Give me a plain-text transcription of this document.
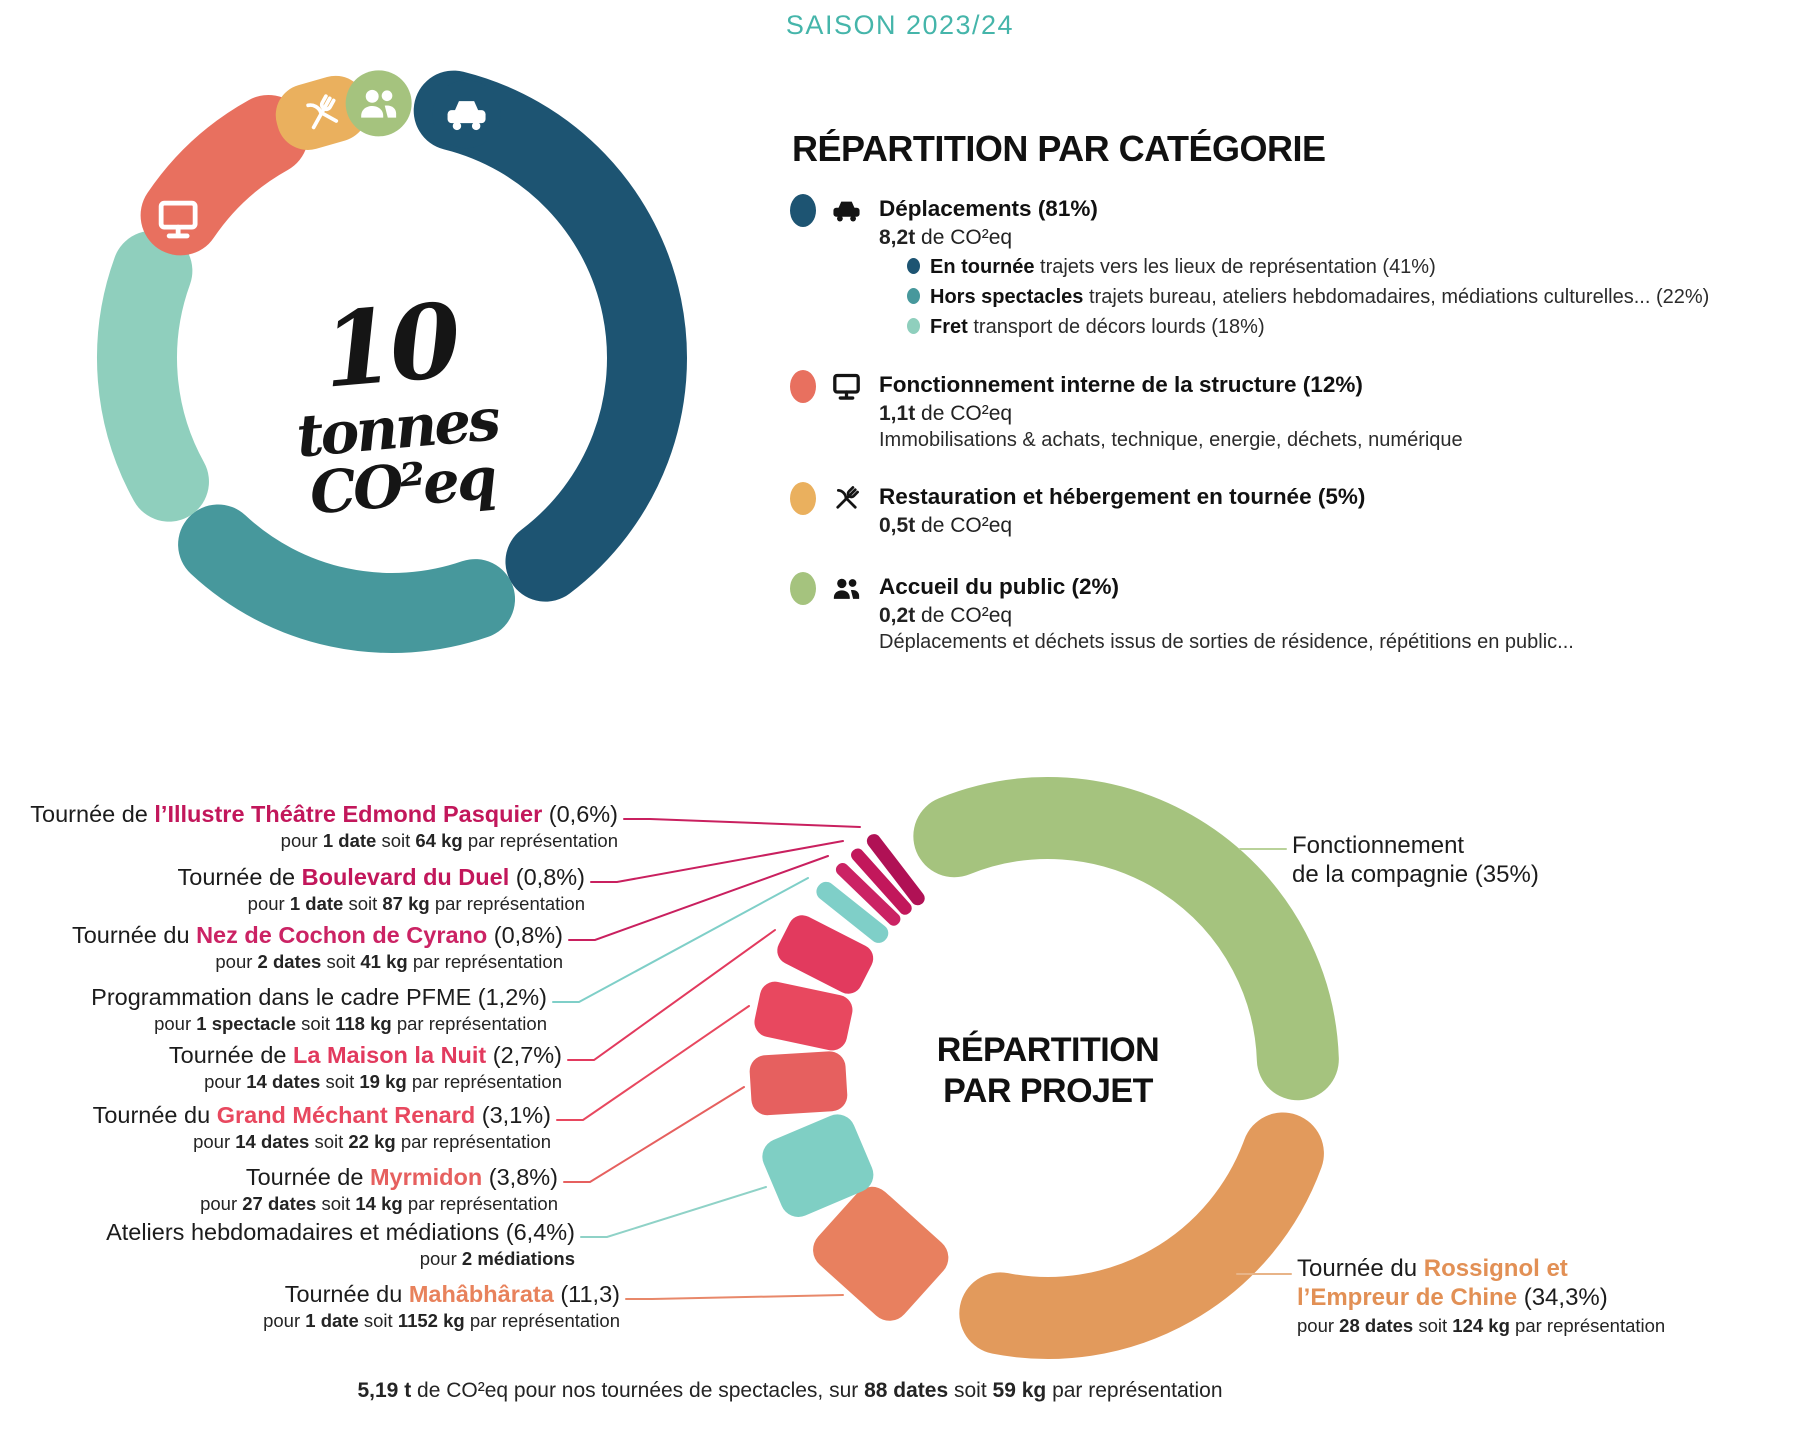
SAISON 2023/24
10
tonnes CO²eq
RÉPARTITION PAR CATÉGORIE
Déplacements (81%)
8,2t de CO²eq
En tournée trajets vers les lieux de représentation (41%)
Hors spectacles trajets bureau, ateliers hebdomadaires, médiations culturelles... (22%)
Fret transport de décors lourds (18%)
Fonctionnement interne de la structure (12%)
1,1t de CO²eq
Immobilisations & achats, technique, energie, déchets, numérique
Restauration et hébergement en tournée (5%)
0,5t de CO²eq
Accueil du public (2%)
0,2t de CO²eq
Déplacements et déchets issus de sorties de résidence, répétitions en public...
RÉPARTITION
PAR PROJET
Tournée de l’Illustre Théâtre Edmond Pasquier (0,6%)
pour 1 date soit 64 kg par représentation
Tournée de Boulevard du Duel (0,8%)
pour 1 date soit 87 kg par représentation
Tournée du Nez de Cochon de Cyrano (0,8%)
pour 2 dates soit 41 kg par représentation
Programmation dans le cadre PFME (1,2%)
pour 1 spectacle soit 118 kg par représentation
Tournée de La Maison la Nuit (2,7%)
pour 14 dates soit 19 kg par représentation
Tournée du Grand Méchant Renard (3,1%)
pour 14 dates soit 22 kg par représentation
Tournée de Myrmidon (3,8%)
pour 27 dates soit 14 kg par représentation
Ateliers hebdomadaires et médiations (6,4%)
pour 2 médiations
Tournée du Mahâbhârata (11,3)
pour 1 date soit 1152 kg par représentation
Fonctionnement
de la compagnie (35%)
Tournée du Rossignol et
l’Empreur de Chine (34,3%)
pour 28 dates soit 124 kg par représentation
5,19 t de CO²eq pour nos tournées de spectacles, sur 88 dates soit 59 kg par représentation
